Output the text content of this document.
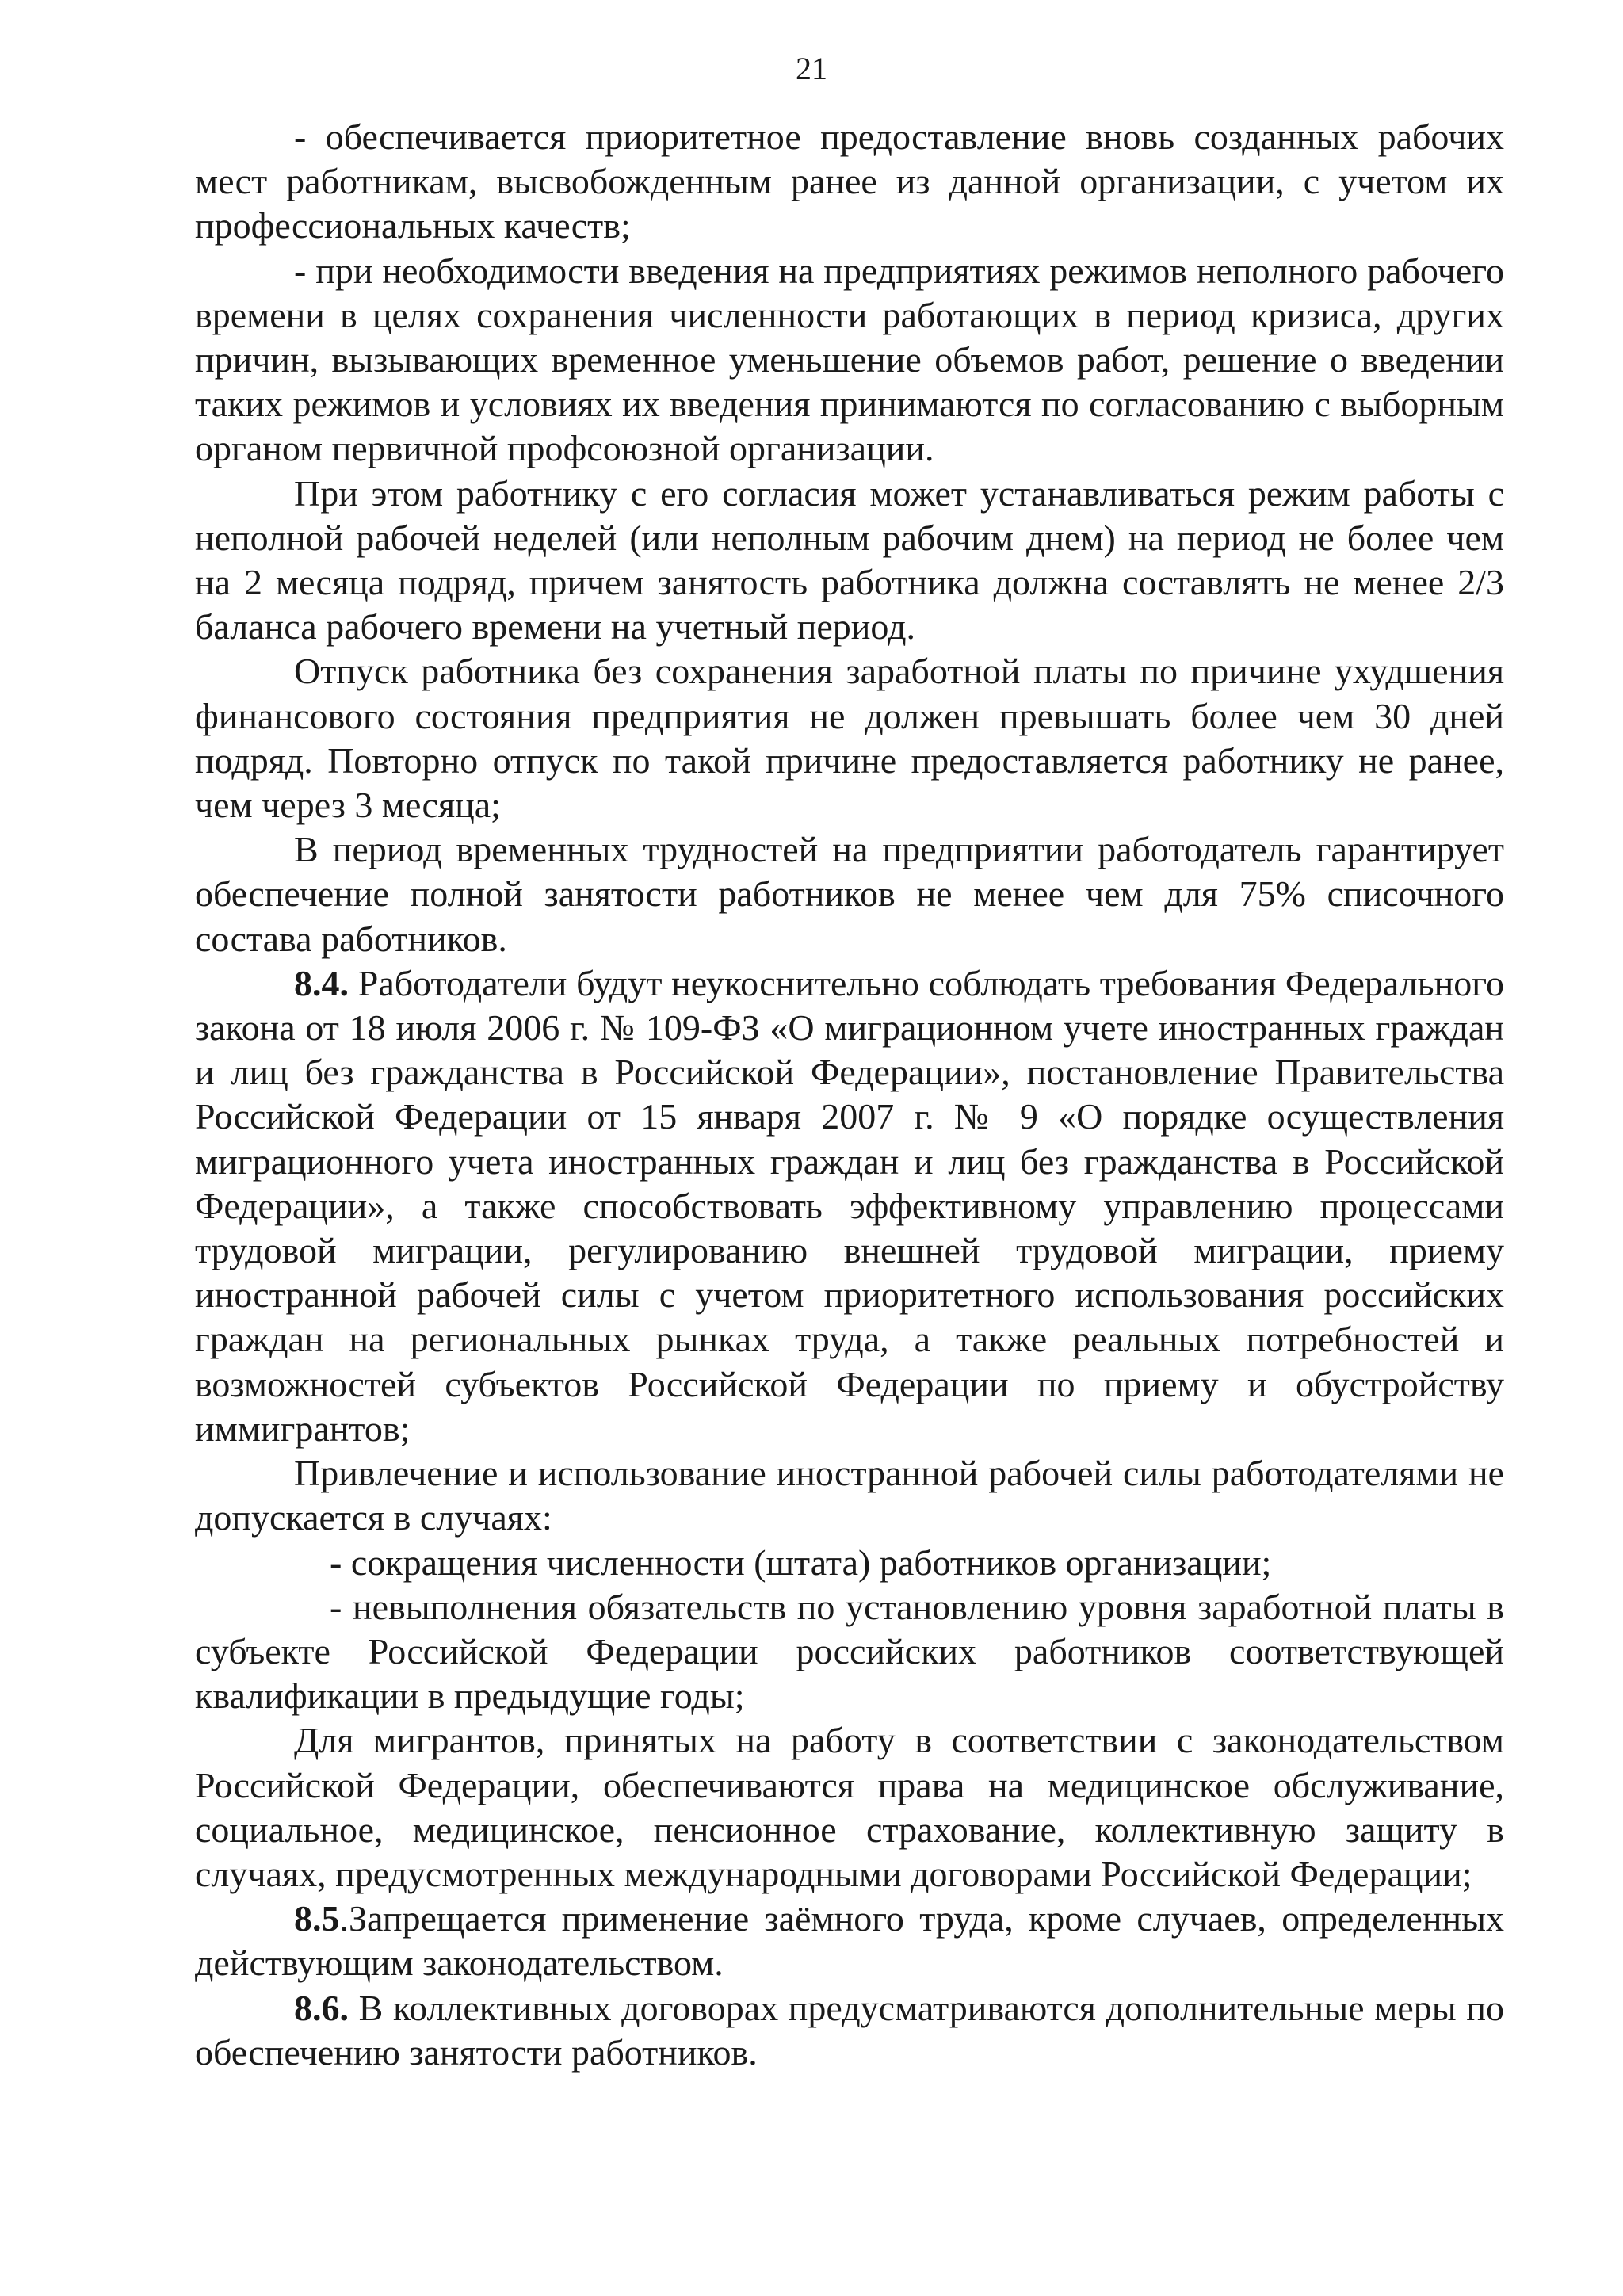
21

- обеспечивается приоритетное предоставление вновь созданных рабочих мест работникам, высвобожденным ранее из данной организации, с учетом их профессиональных качеств;

- при необходимости введения на предприятиях режимов неполного рабочего времени в целях сохранения численности работающих в период кризиса, других причин, вызывающих временное уменьшение объемов работ, решение о введении таких режимов и условиях их введения принимаются по согласованию с выборным органом первичной профсоюзной организации.

При этом работнику с его согласия может устанавливаться режим работы с неполной рабочей неделей (или неполным рабочим днем) на период не более чем на 2 месяца подряд, причем занятость работника должна составлять не менее 2/3 баланса рабочего времени на учетный период.

Отпуск работника без сохранения заработной платы по причине ухудшения финансового состояния предприятия не должен превышать более чем 30 дней подряд. Повторно отпуск по такой причине предоставляется работнику не ранее, чем через 3 месяца;

В период временных трудностей на предприятии работодатель гарантирует обеспечение полной занятости работников не менее чем для 75% списочного состава работников.

8.4. Работодатели будут неукоснительно соблюдать требования Федерального закона от 18 июля 2006 г. № 109-ФЗ «О миграционном учете иностранных граждан и лиц без гражданства в Российской Федерации», постановление Правительства Российской Федерации от 15 января 2007 г. № 9 «О порядке осуществления миграционного учета иностранных граждан и лиц без гражданства в Российской Федерации», а также способствовать эффективному управлению процессами трудовой миграции, регулированию внешней трудовой миграции, приему иностранной рабочей силы с учетом приоритетного использования российских граждан на региональных рынках труда, а также реальных потребностей и возможностей субъектов Российской Федерации по приему и обустройству иммигрантов;

Привлечение и использование иностранной рабочей силы работодателями не допускается в случаях:

- сокращения численности (штата) работников организации;

- невыполнения обязательств по установлению уровня заработной платы в субъекте Российской Федерации российских работников соответствующей квалификации в предыдущие годы;

Для мигрантов, принятых на работу в соответствии с законодательством Российской Федерации, обеспечиваются права на медицинское обслуживание, социальное, медицинское, пенсионное страхование, коллективную защиту в случаях, предусмотренных международными договорами Российской Федерации;

8.5.Запрещается применение заёмного труда, кроме случаев, определенных действующим законодательством.

8.6. В коллективных договорах предусматриваются дополнительные меры по обеспечению занятости работников.
